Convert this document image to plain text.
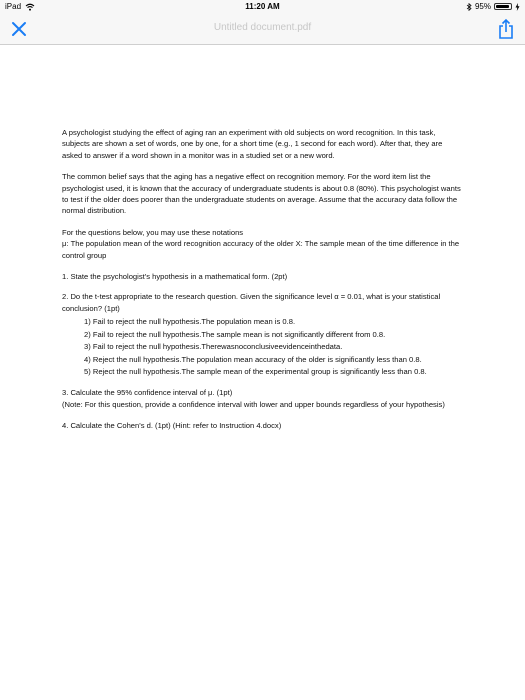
iPad	11:20 AM	95%
Untitled document.pdf

A psychologist studying the effect of aging ran an experiment with old subjects on word recognition. In this task, subjects are shown a set of words, one by one, for a short time (e.g., 1 second for each word). After that, they are asked to answer if a word shown in a monitor was in a studied set or a new word.

The common belief says that the aging has a negative effect on recognition memory. For the word item list the psychologist used, it is known that the accuracy of undergraduate students is about 0.8 (80%). This psychologist wants to test if the older does poorer than the undergraduate students on average. Assume that the accuracy data follow the normal distribution.

For the questions below, you may use these notations

μ: The population mean of the word recognition accuracy of the older X: The sample mean of the time difference in the control group

1. State the psychologist's hypothesis in a mathematical form. (2pt)

2. Do the t-test appropriate to the research question. Given the significance level α = 0.01, what is your statistical conclusion? (1pt)

1) Fail to reject the null hypothesis.The population mean is 0.8.
2) Fail to reject the null hypothesis.The sample mean is not significantly different from 0.8.
3) Fail to reject the null hypothesis.Therewasnoconclusiveevidenceinthedata.
4) Reject the null hypothesis.The population mean accuracy of the older is significantly less than 0.8.
5) Reject the null hypothesis.The sample mean of the experimental group is significantly less than 0.8.

3. Calculate the 95% confidence interval of μ. (1pt)

(Note: For this question, provide a confidence interval with lower and upper bounds regardless of your hypothesis)

4. Calculate the Cohen's d. (1pt) (Hint: refer to Instruction 4.docx)
